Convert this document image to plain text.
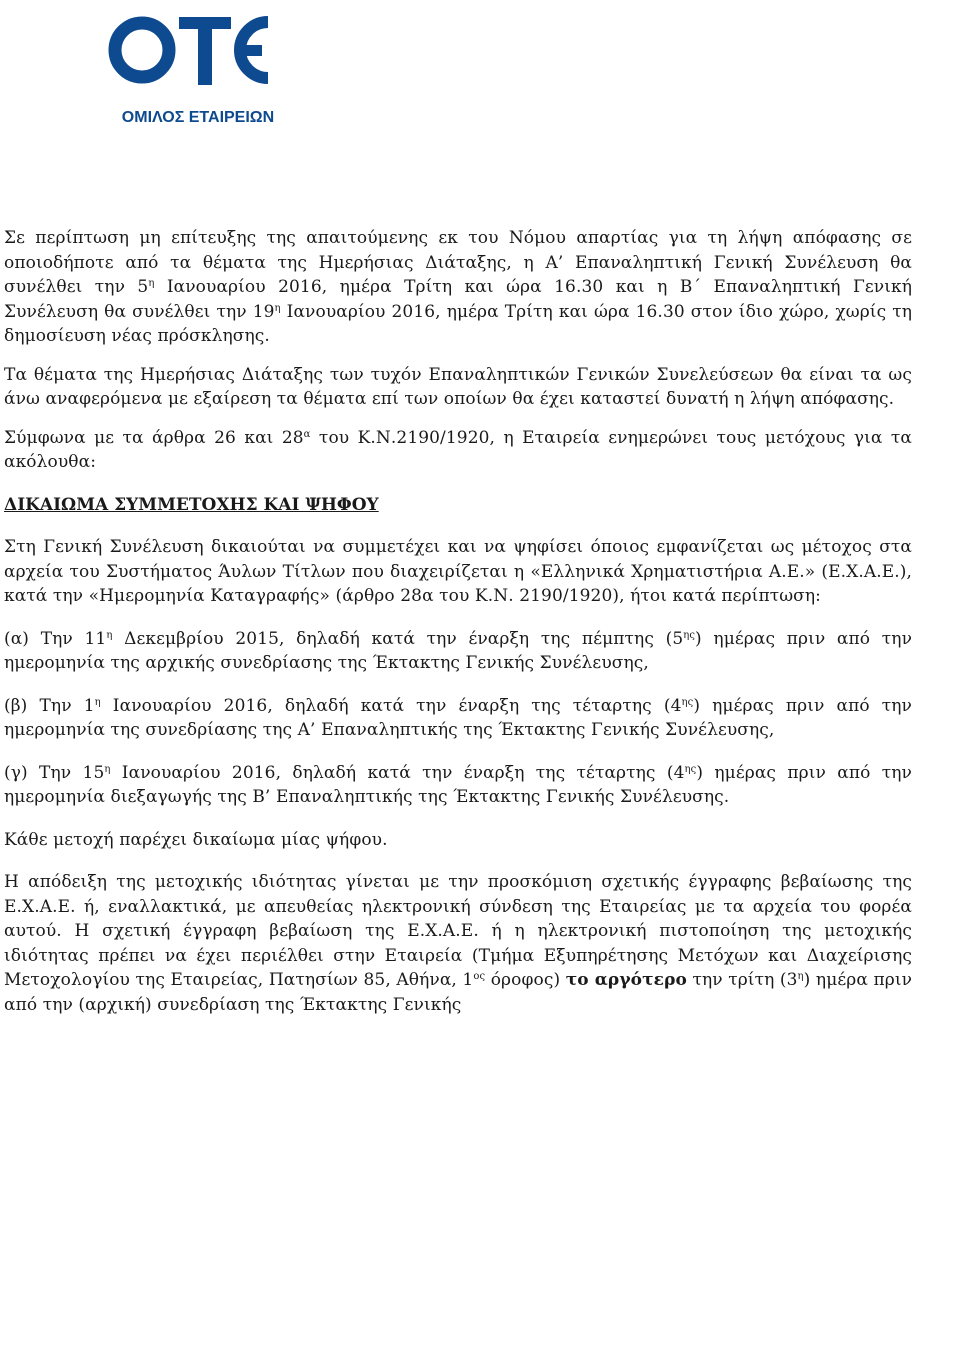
ΟΜΙΛΟΣ ΕΤΑΙΡΕΙΩΝ

Σε περίπτωση μη επίτευξης της απαιτούμενης εκ του Νόμου απαρτίας για τη λήψη απόφασης σε οποιοδήποτε από τα θέματα της Ημερήσιας Διάταξης, η Α’ Επαναληπτική Γενική Συνέλευση θα συνέλθει την $5^\eta$ Ιανουαρίου 2016, ημέρα Τρίτη και ώρα 16.30 και η Β΄ Επαναληπτική Γενική Συνέλευση θα συνέλθει την $19^\eta$ Ιανουαρίου 2016, ημέρα Τρίτη και ώρα 16.30 στον ίδιο χώρο, χωρίς τη δημοσίευση νέας πρόσκλησης.

Τα θέματα της Ημερήσιας Διάταξης των τυχόν Επαναληπτικών Γενικών Συνελεύσεων θα είναι τα ως άνω αναφερόμενα με εξαίρεση τα θέματα επί των οποίων θα έχει καταστεί δυνατή η λήψη απόφασης.

Σύμφωνα με τα άρθρα 26 και $28^\alpha$ του Κ.Ν.2190/1920, η Εταιρεία ενημερώνει τους μετόχους για τα ακόλουθα:

ΔΙΚΑΙΩΜΑ ΣΥΜΜΕΤΟΧΗΣ ΚΑΙ ΨΗΦΟΥ

Στη Γενική Συνέλευση δικαιούται να συμμετέχει και να ψηφίσει όποιος εμφανίζεται ως μέτοχος στα αρχεία του Συστήματος Άυλων Τίτλων που διαχειρίζεται η «Ελληνικά Χρηματιστήρια Α.Ε.» (Ε.Χ.Α.Ε.), κατά την «Ημερομηνία Καταγραφής» (άρθρο 28α του Κ.Ν. 2190/1920), ήτοι κατά περίπτωση:

(α) Την $11^\eta$ Δεκεμβρίου 2015, δηλαδή κατά την έναρξη της πέμπτης $(5^{\eta\varsigma})$ ημέρας πριν από την ημερομηνία της αρχικής συνεδρίασης της Έκτακτης Γενικής Συνέλευσης,

(β) Την $1^\eta$ Ιανουαρίου 2016, δηλαδή κατά την έναρξη της τέταρτης $(4^{\eta\varsigma})$ ημέρας πριν από την ημερομηνία της συνεδρίασης της Α’ Επαναληπτικής της Έκτακτης Γενικής Συνέλευσης,

(γ) Την $15^\eta$ Ιανουαρίου 2016, δηλαδή κατά την έναρξη της τέταρτης $(4^{\eta\varsigma})$ ημέρας πριν από την ημερομηνία διεξαγωγής της Β’ Επαναληπτικής της Έκτακτης Γενικής Συνέλευσης.

Κάθε μετοχή παρέχει δικαίωμα μίας ψήφου.

Η απόδειξη της μετοχικής ιδιότητας γίνεται με την προσκόμιση σχετικής έγγραφης βεβαίωσης της Ε.Χ.Α.Ε. ή, εναλλακτικά, με απευθείας ηλεκτρονική σύνδεση της Εταιρείας με τα αρχεία του φορέα αυτού. Η σχετική έγγραφη βεβαίωση της Ε.Χ.Α.Ε. ή η ηλεκτρονική πιστοποίηση της μετοχικής ιδιότητας πρέπει να έχει περιέλθει στην Εταιρεία (Τμήμα Εξυπηρέτησης Μετόχων και Διαχείρισης Μετοχολογίου της Εταιρείας, Πατησίων 85, Αθήνα, $1^{o\varsigma}$ όροφος) το αργότερο την τρίτη $(3^\eta)$ ημέρα πριν από την (αρχική) συνεδρίαση της Έκτακτης Γενικής
